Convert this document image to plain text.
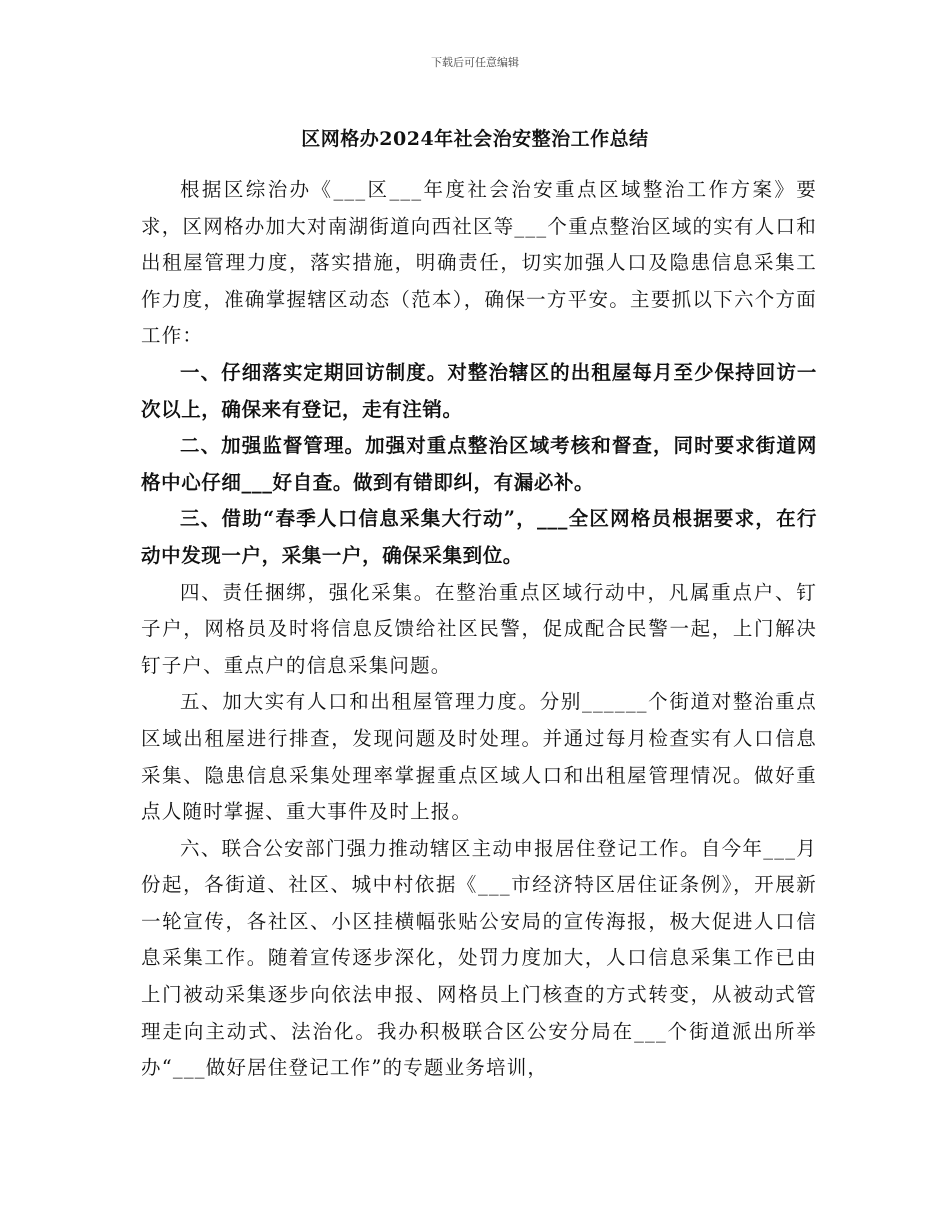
下载后可任意编辑
区网格办2024年社会治安整治工作总结

根据区综治办《___区___年度社会治安重点区域整治工作方案》要求，区网格办加大对南湖街道向西社区等___个重点整治区域的实有人口和出租屋管理力度，落实措施，明确责任，切实加强人口及隐患信息采集工作力度，准确掌握辖区动态（范本），确保一方平安。主要抓以下六个方面工作：

一、仔细落实定期回访制度。对整治辖区的出租屋每月至少保持回访一次以上，确保来有登记，走有注销。

二、加强监督管理。加强对重点整治区域考核和督查，同时要求街道网格中心仔细___好自查。做到有错即纠，有漏必补。

三、借助“春季人口信息采集大行动”，___全区网格员根据要求，在行动中发现一户，采集一户，确保采集到位。

四、责任捆绑，强化采集。在整治重点区域行动中，凡属重点户、钉子户，网格员及时将信息反馈给社区民警，促成配合民警一起，上门解决钉子户、重点户的信息采集问题。

五、加大实有人口和出租屋管理力度。分别______个街道对整治重点区域出租屋进行排查，发现问题及时处理。并通过每月检查实有人口信息采集、隐患信息采集处理率掌握重点区域人口和出租屋管理情况。做好重点人随时掌握、重大事件及时上报。

六、联合公安部门强力推动辖区主动申报居住登记工作。自今年___月份起，各街道、社区、城中村依据《___市经济特区居住证条例》，开展新一轮宣传，各社区、小区挂横幅张贴公安局的宣传海报，极大促进人口信息采集工作。随着宣传逐步深化，处罚力度加大，人口信息采集工作已由上门被动采集逐步向依法申报、网格员上门核查的方式转变，从被动式管理走向主动式、法治化。我办积极联合区公安分局在___个街道派出所举办“___做好居住登记工作”的专题业务培训，
